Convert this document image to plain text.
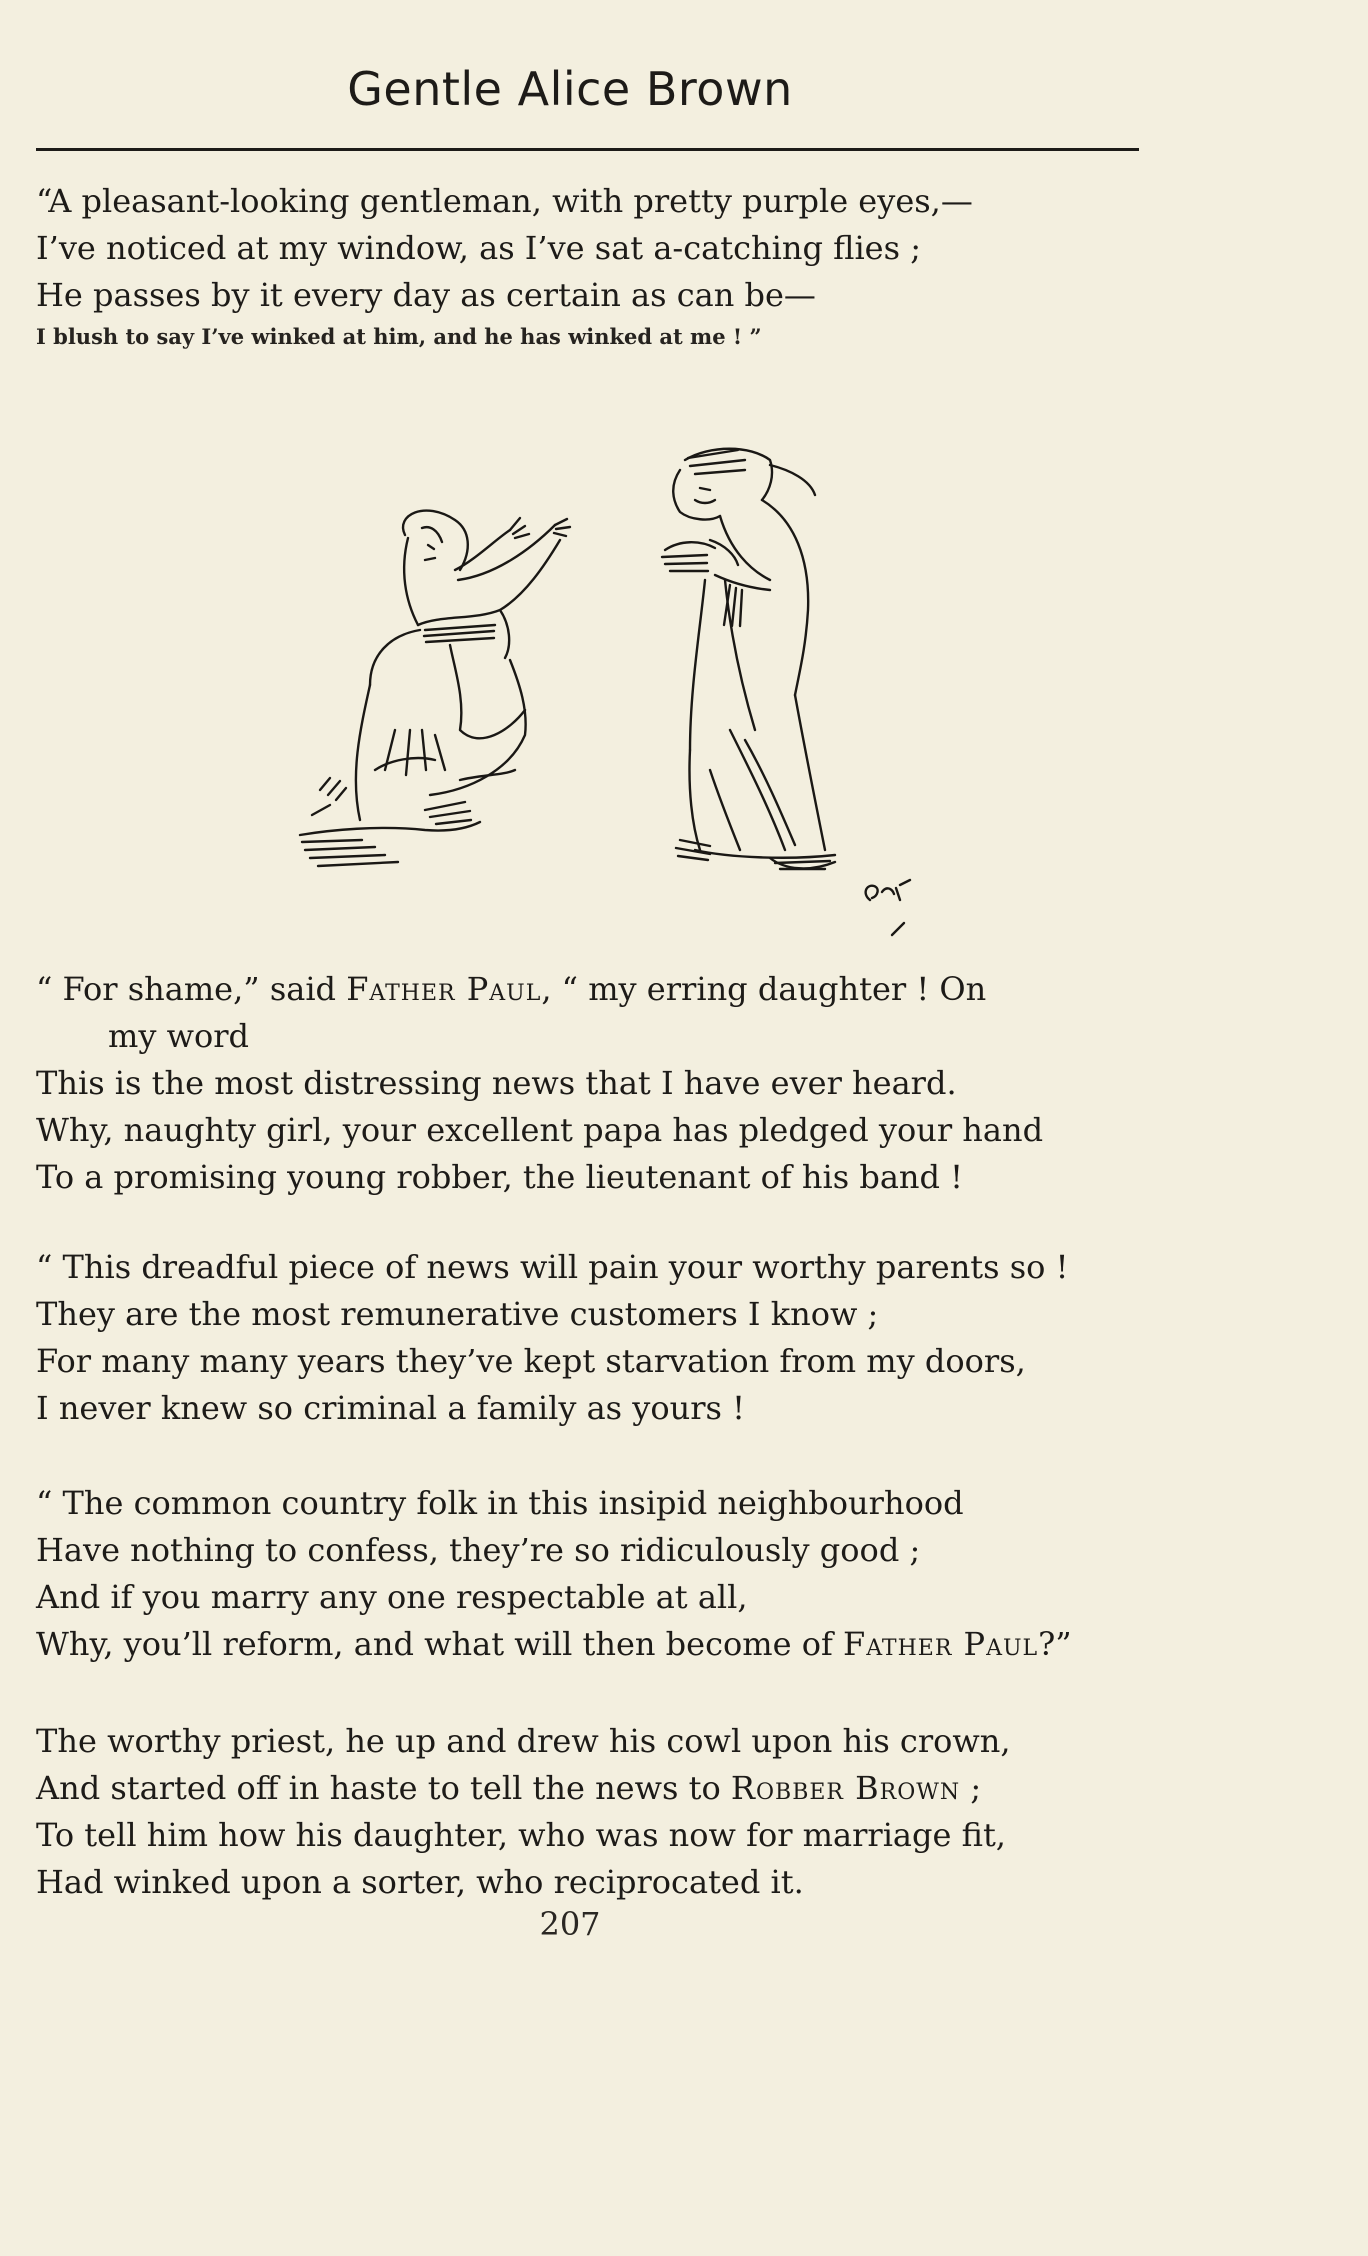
Gentle Alice Brown
“A pleasant-looking gentleman, with pretty purple eyes,—
I’ve noticed at my window, as I’ve sat a-catching flies ;
He passes by it every day as certain as can be—
I blush to say I’ve winked at him, and he has winked at me ! ”
“ For shame,” said Father Paul, “ my erring daughter ! On
my word
This is the most distressing news that I have ever heard.
Why, naughty girl, your excellent papa has pledged your hand
To a promising young robber, the lieutenant of his band !
“ This dreadful piece of news will pain your worthy parents so !
They are the most remunerative customers I know ;
For many many years they’ve kept starvation from my doors,
I never knew so criminal a family as yours !
“ The common country folk in this insipid neighbourhood
Have nothing to confess, they’re so ridiculously good ;
And if you marry any one respectable at all,
Why, you’ll reform, and what will then become of Father Paul?”
The worthy priest, he up and drew his cowl upon his crown,
And started off in haste to tell the news to Robber Brown ;
To tell him how his daughter, who was now for marriage fit,
Had winked upon a sorter, who reciprocated it.
207
